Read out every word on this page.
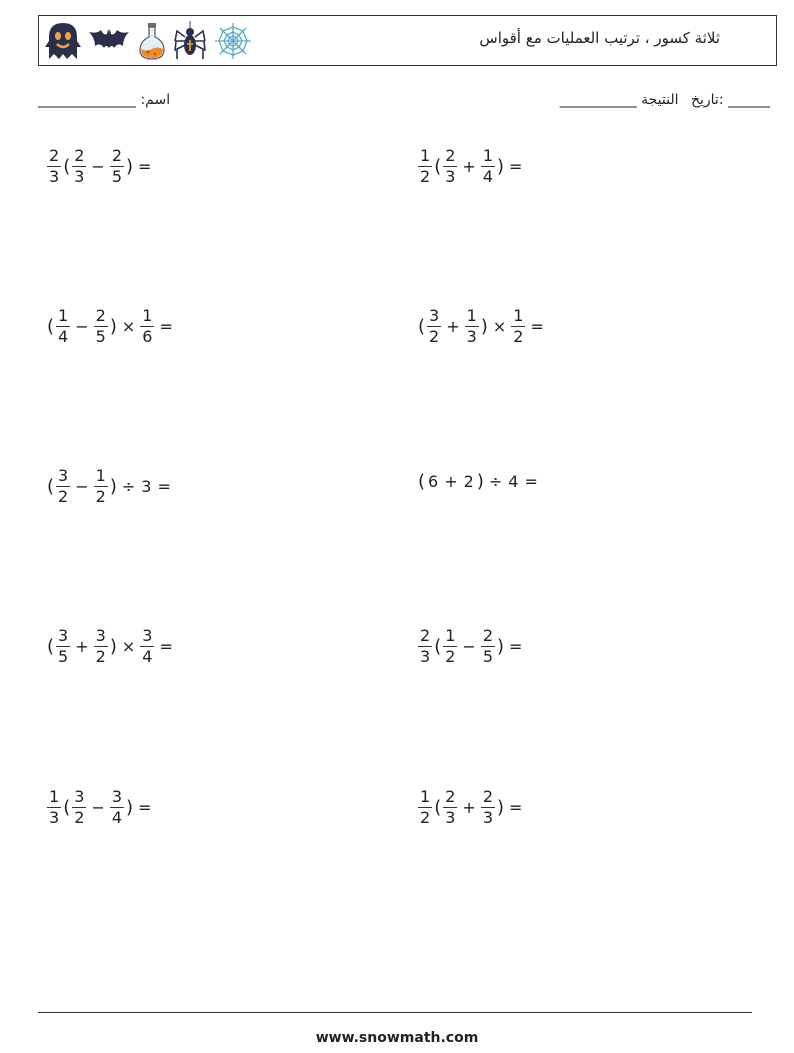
ثلاثة كسور ، ترتيب العمليات مع أقواس
اسم: ______________	______ :تاريخ النتيجة ___________
$\frac{2}{3}$ ( $\frac{2}{3} - \frac{2}{5}$ ) =	$\frac{1}{2}$ ( $\frac{2}{3} + \frac{1}{4}$ ) =
( $\frac{1}{4} - \frac{2}{5}$ ) × $\frac{1}{6}$ =	( $\frac{3}{2} + \frac{1}{3}$ ) × $\frac{1}{2}$ =
( $\frac{3}{2} - \frac{1}{2}$ ) ÷ 3 =	( 6 + 2 ) ÷ 4 =
( $\frac{3}{5} + \frac{3}{2}$ ) × $\frac{3}{4}$ =	$\frac{2}{3}$ ( $\frac{1}{2} - \frac{2}{5}$ ) =
$\frac{1}{3}$ ( $\frac{3}{2} - \frac{3}{4}$ ) =	$\frac{1}{2}$ ( $\frac{2}{3} + \frac{2}{3}$ ) =
www.snowmath.com
